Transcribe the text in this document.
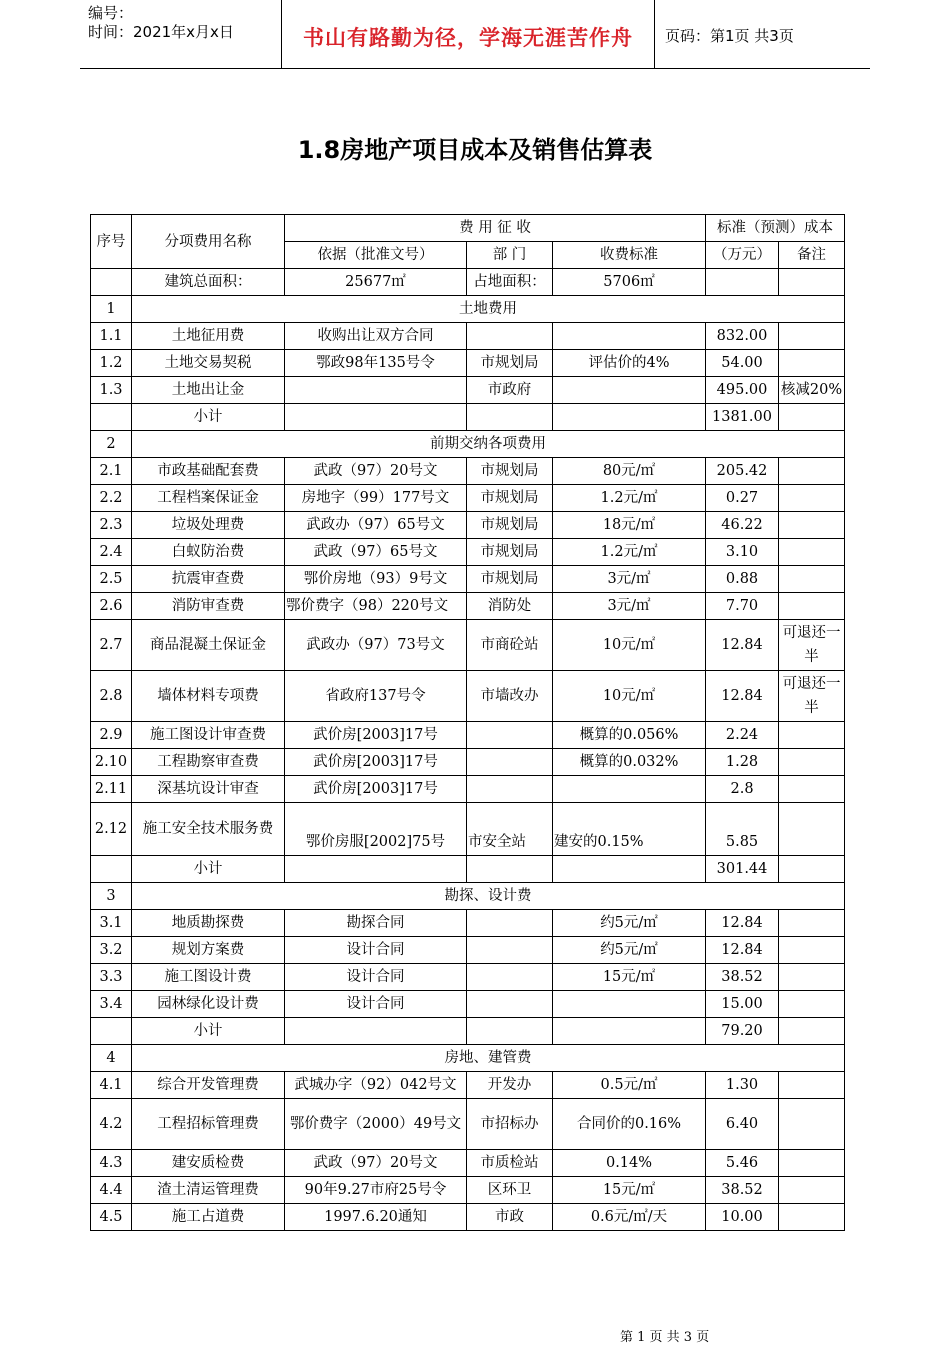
编号：
时间：2021年x月x日	书山有路勤为径，学海无涯苦作舟	页码：第1页 共3页
1.8房地产项目成本及销售估算表
序号	分项费用名称	费 用 征 收			标准（预测）成本	
		依据（批准文号）	部 门	收费标准	（万元）	备注
	建筑总面积：	25677㎡	占地面积：	5706㎡		
1	土地费用					
1.1	土地征用费	收购出让双方合同			832.00	
1.2	土地交易契税	鄂政98年135号令	市规划局	评估价的4%	54.00	
1.3	土地出让金		市政府		495.00	核减20%
	小计				1381.00	
2	前期交纳各项费用					
2.1	市政基础配套费	武政（97）20号文	市规划局	80元/㎡	205.42	
2.2	工程档案保证金	房地字（99）177号文	市规划局	1.2元/㎡	0.27	
2.3	垃圾处理费	武政办（97）65号文	市规划局	18元/㎡	46.22	
2.4	白蚁防治费	武政（97）65号文	市规划局	1.2元/㎡	3.10	
2.5	抗震审查费	鄂价房地（93）9号文	市规划局	3元/㎡	0.88	
2.6	消防审查费	鄂价费字（98）220号文	消防处	3元/㎡	7.70	
2.7	商品混凝土保证金	武政办（97）73号文	市商砼站	10元/㎡	12.84	可退还一半
2.8	墙体材料专项费	省政府137号令	市墙改办	10元/㎡	12.84	可退还一半
2.9	施工图设计审查费	武价房[2003]17号		概算的0.056%	2.24	
2.10	工程勘察审查费	武价房[2003]17号		概算的0.032%	1.28	
2.11	深基坑设计审查	武价房[2003]17号			2.8	
2.12	施工安全技术服务费	鄂价房服[2002]75号	市安全站	建安的0.15%	5.85	
	小计				301.44	
3	勘探、设计费					
3.1	地质勘探费	勘探合同		约5元/㎡	12.84	
3.2	规划方案费	设计合同		约5元/㎡	12.84	
3.3	施工图设计费	设计合同		15元/㎡	38.52	
3.4	园林绿化设计费	设计合同			15.00	
	小计				79.20	
4	房地、建管费					
4.1	综合开发管理费	武城办字（92）042号文	开发办	0.5元/㎡	1.30	
4.2	工程招标管理费	鄂价费字（2000）49号文	市招标办	合同价的0.16%	6.40	
4.3	建安质检费	武政（97）20号文	市质检站	0.14%	5.46	
4.4	渣土清运管理费	90年9.27市府25号令	区环卫	15元/㎡	38.52	
4.5	施工占道费	1997.6.20通知	市政	0.6元/㎡/天	10.00	
第 1 页 共 3 页
